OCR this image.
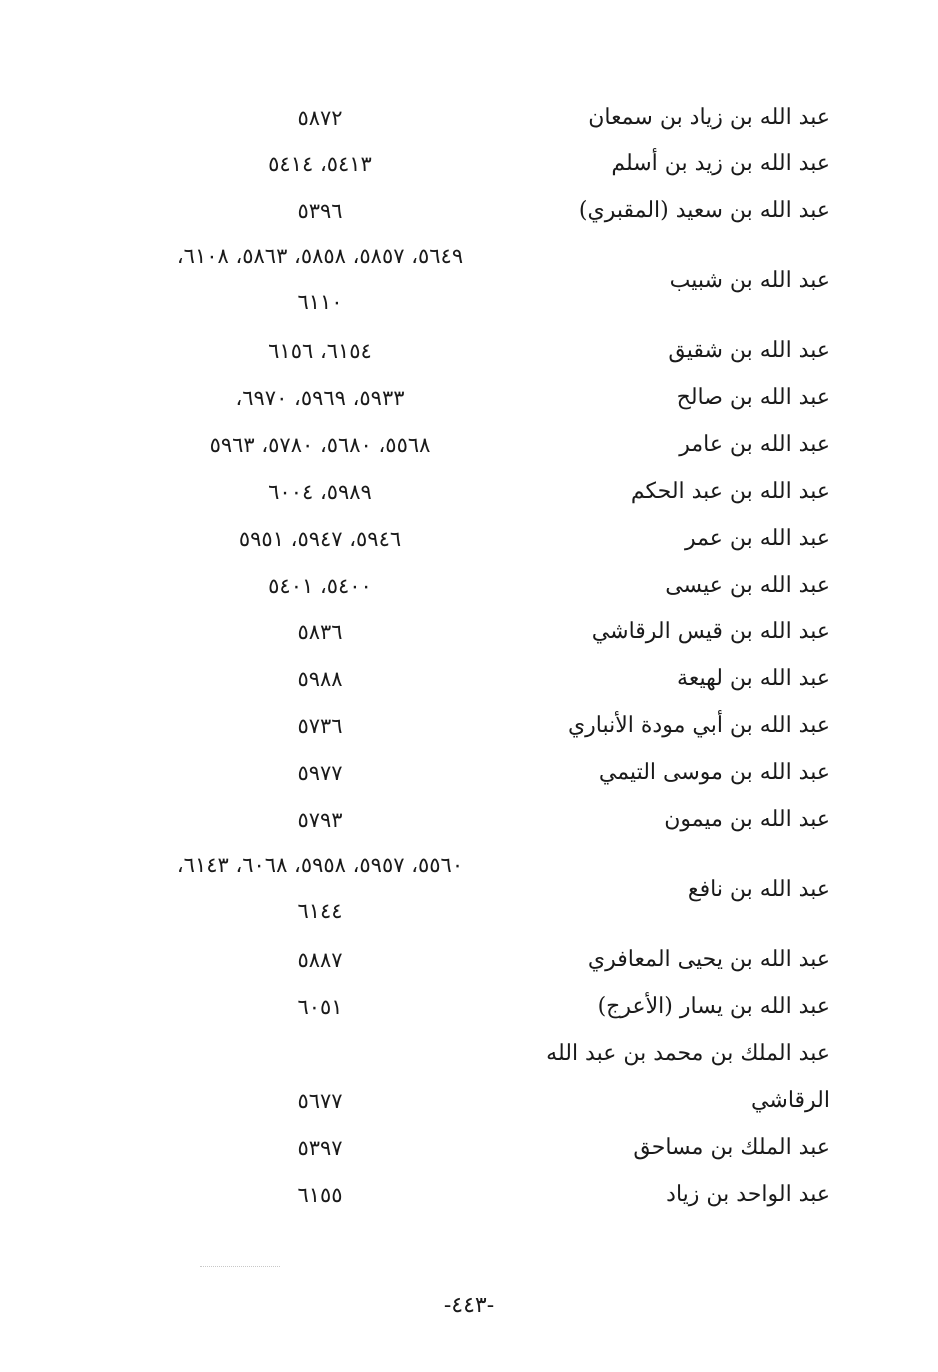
عبد الله بن زياد بن سمعان
٥٨٧٢
عبد الله بن زيد بن أسلم
٥٤١٣، ٥٤١٤
عبد الله بن سعيد (المقبري)
٥٣٩٦
عبد الله بن شبيب
٥٦٤٩، ٥٨٥٧، ٥٨٥٨، ٥٨٦٣، ٦١٠٨،
٦١١٠
عبد الله بن شقيق
٦١٥٤، ٦١٥٦
عبد الله بن صالح
٥٩٣٣، ٥٩٦٩، ٦٩٧٠،
عبد الله بن عامر
٥٥٦٨، ٥٦٨٠، ٥٧٨٠، ٥٩٦٣
عبد الله بن عبد الحكم
٥٩٨٩، ٦٠٠٤
عبد الله بن عمر
٥٩٤٦، ٥٩٤٧، ٥٩٥١
عبد الله بن عيسى
٥٤٠٠، ٥٤٠١
عبد الله بن قيس الرقاشي
٥٨٣٦
عبد الله بن لهيعة
٥٩٨٨
عبد الله بن أبي مودة الأنباري
٥٧٣٦
عبد الله بن موسى التيمي
٥٩٧٧
عبد الله بن ميمون
٥٧٩٣
عبد الله بن نافع
٥٥٦٠، ٥٩٥٧، ٥٩٥٨، ٦٠٦٨، ٦١٤٣،
٦١٤٤
عبد الله بن يحيى المعافري
٥٨٨٧
عبد الله بن يسار (الأعرج)
٦٠٥١
عبد الملك بن محمد بن عبد الله
الرقاشي
٥٦٧٧
عبد الملك بن مساحق
٥٣٩٧
عبد الواحد بن زياد
٦١٥٥
-٤٤٣-
